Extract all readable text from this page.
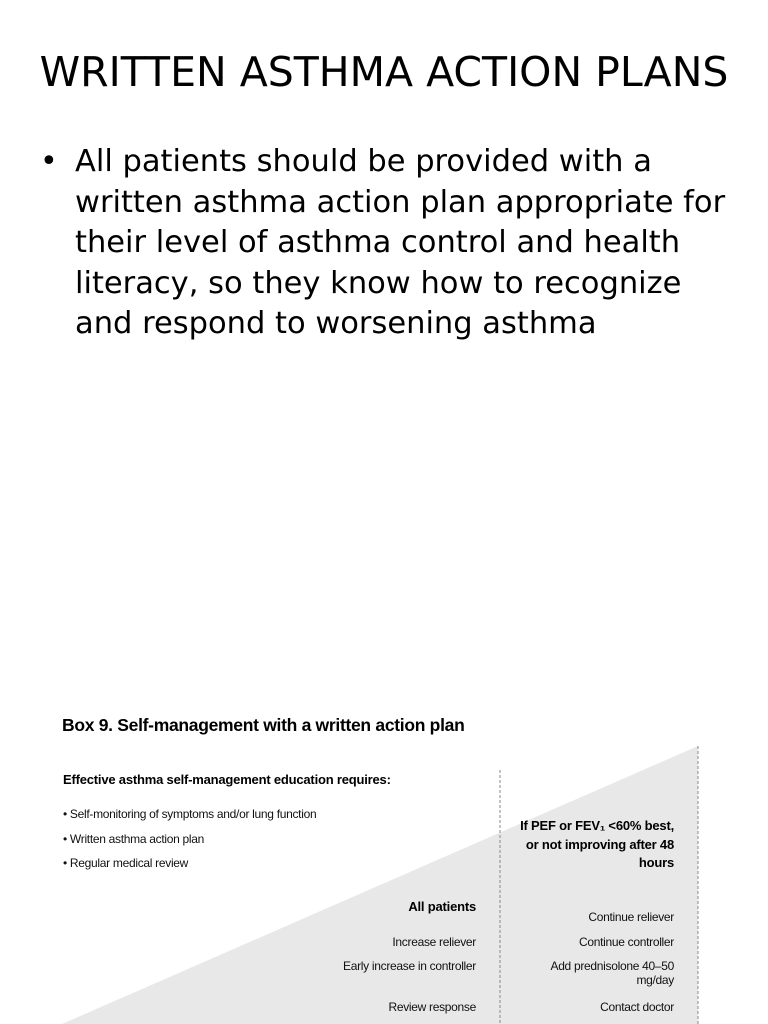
WRITTEN ASTHMA ACTION PLANS
• All patients should be provided with a written asthma action plan appropriate for their level of asthma control and health literacy, so they know how to recognize and respond to worsening asthma
Box 9. Self-management with a written action plan
Effective asthma self-management education requires:
• Self-monitoring of symptoms and/or lung function
• Written asthma action plan
• Regular medical review
All patients
Increase reliever
Early increase in controller
Review response
If PEF or FEV₁ <60% best, or not improving after 48 hours
Continue reliever
Continue controller
Add prednisolone 40–50 mg/day
Contact doctor
